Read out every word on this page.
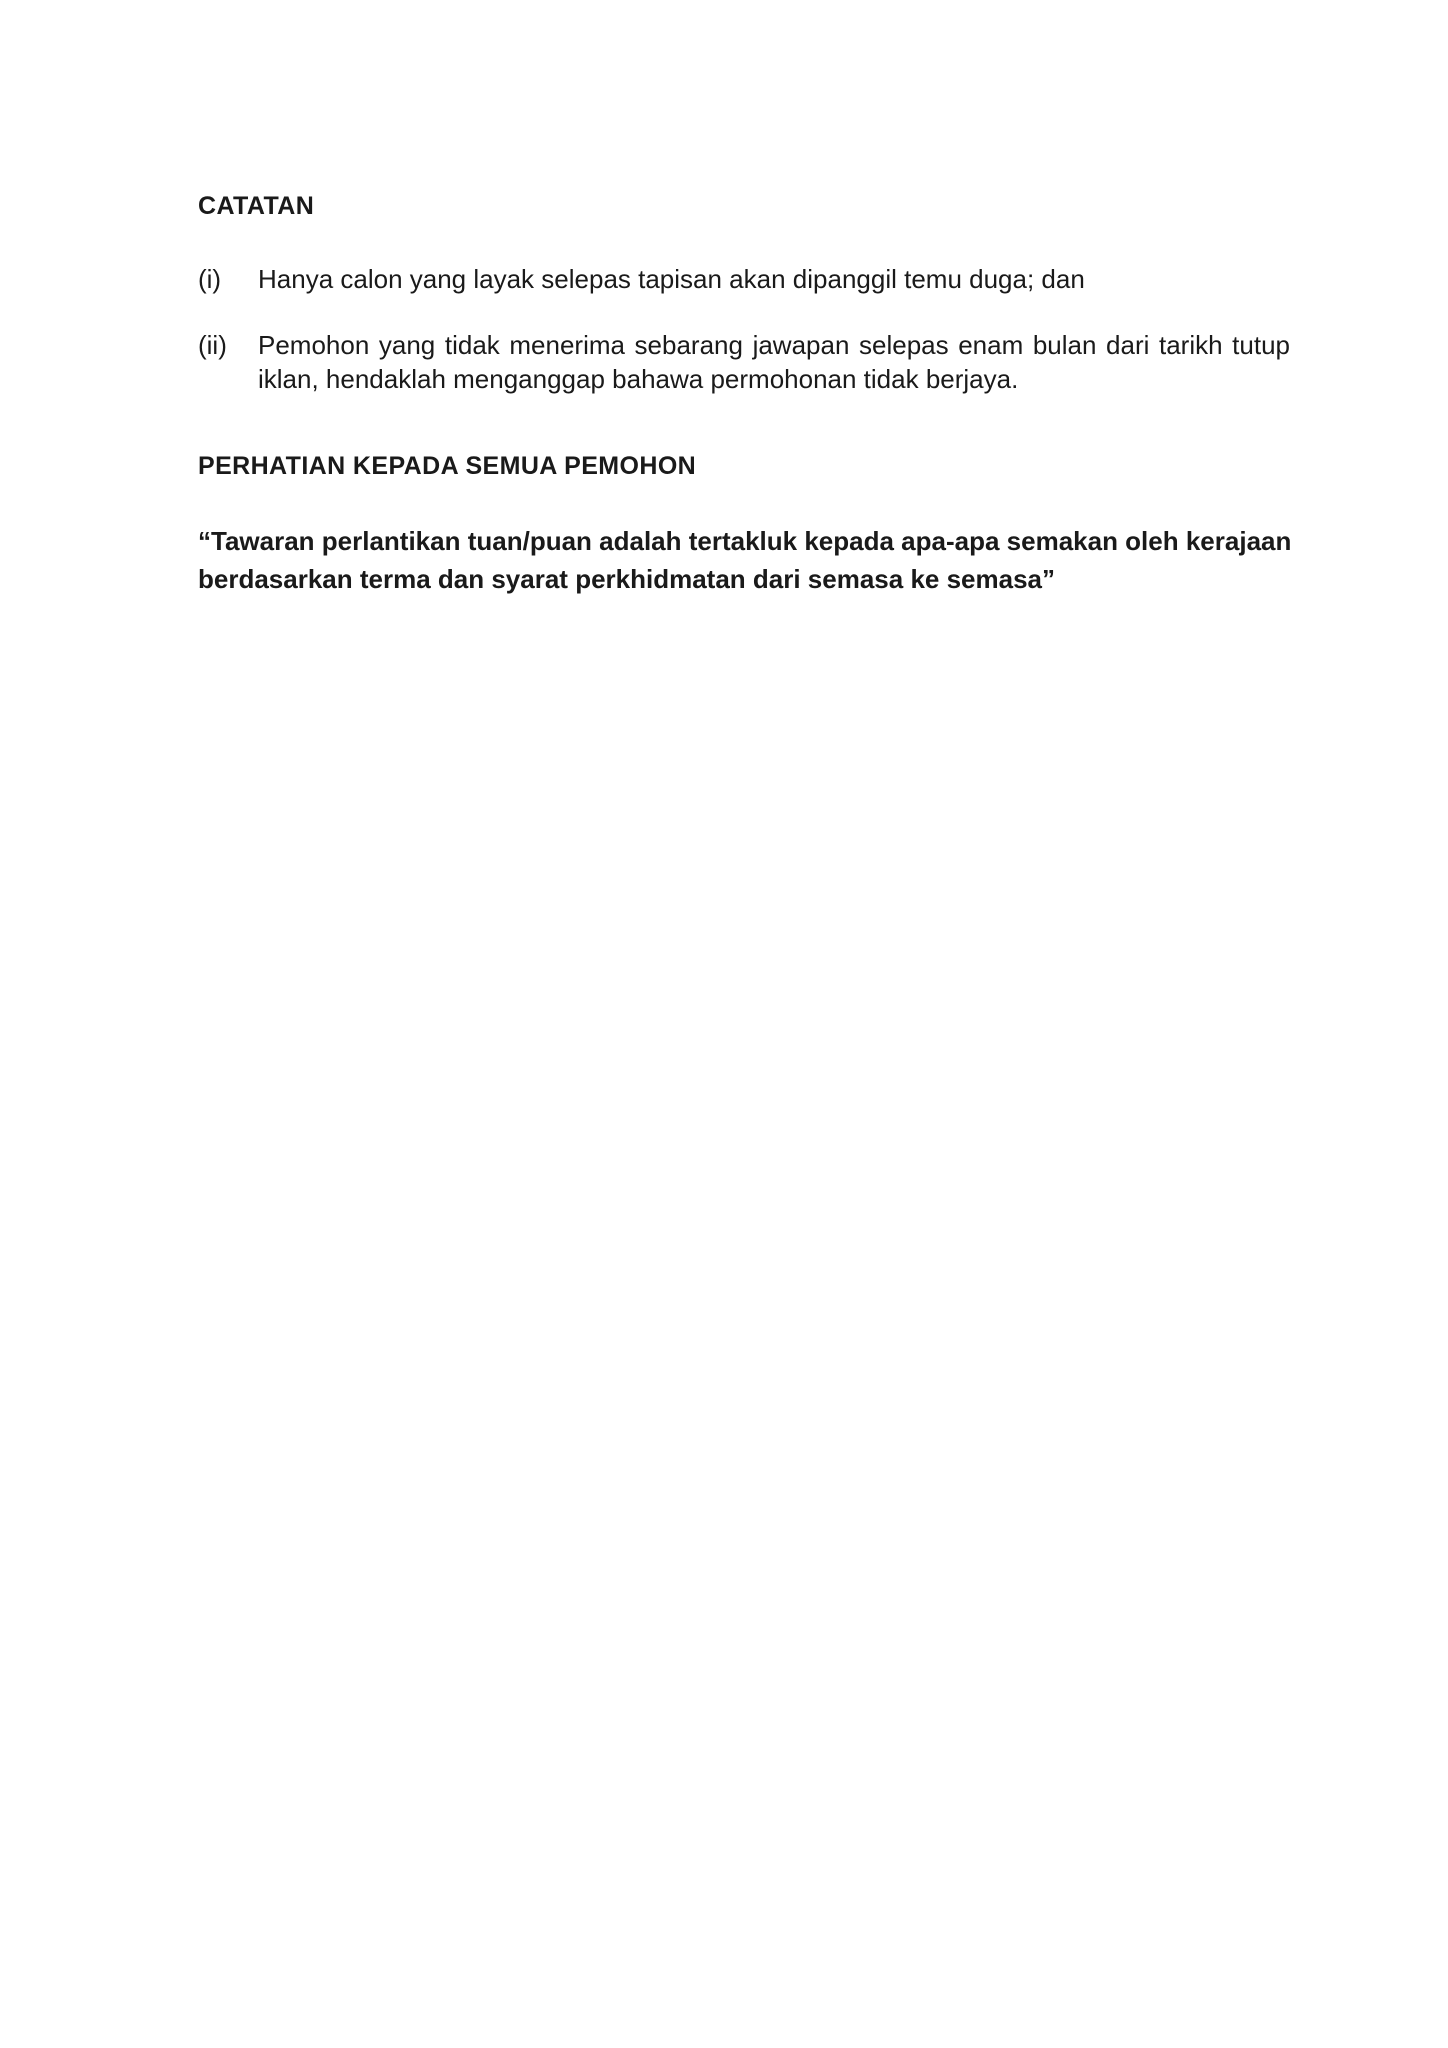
CATATAN
(i) Hanya calon yang layak selepas tapisan akan dipanggil temu duga; dan
(ii) Pemohon yang tidak menerima sebarang jawapan selepas enam bulan dari tarikh tutup iklan, hendaklah menganggap bahawa permohonan tidak berjaya.
PERHATIAN KEPADA SEMUA PEMOHON

“Tawaran perlantikan tuan/puan adalah tertakluk kepada apa-apa semakan oleh kerajaan berdasarkan terma dan syarat perkhidmatan dari semasa ke semasa”
